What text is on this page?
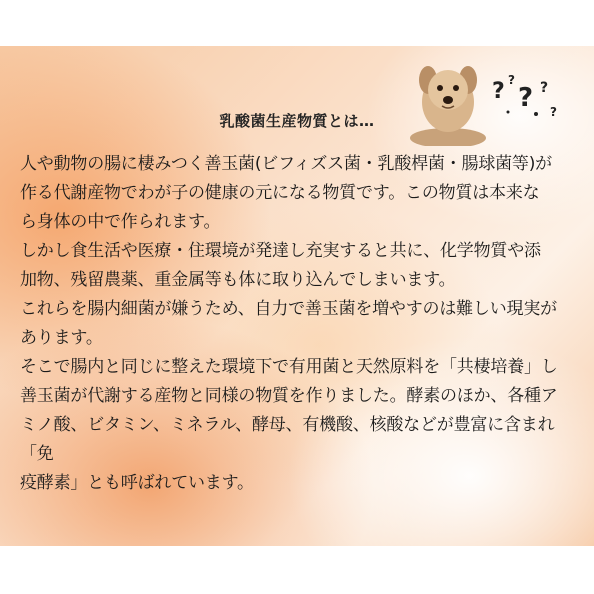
? ?
? ?
?
乳酸菌生産物質とは…

人や動物の腸に棲みつく善玉菌(ビフィズス菌・乳酸桿菌・腸球菌等)が

作る代謝産物でわが子の健康の元になる物質です。この物質は本来な

ら身体の中で作られます。

しかし食生活や医療・住環境が発達し充実すると共に、化学物質や添

加物、残留農薬、重金属等も体に取り込んでしまいます。

これらを腸内細菌が嫌うため、自力で善玉菌を増やすのは難しい現実が

あります。

そこで腸内と同じに整えた環境下で有用菌と天然原料を「共棲培養」し

善玉菌が代謝する産物と同様の物質を作りました。酵素のほか、各種ア

ミノ酸、ビタミン、ミネラル、酵母、有機酸、核酸などが豊富に含まれ「免

疫酵素」とも呼ばれています。
